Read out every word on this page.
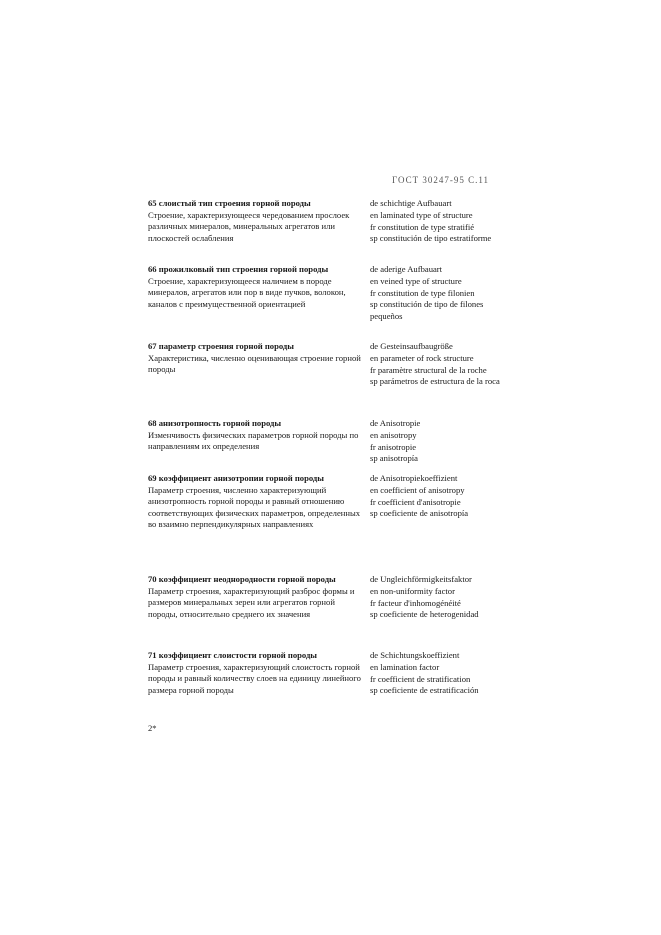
ГОСТ 30247-95 С.11
65 слоистый тип строения горной породы
Строение, характеризующееся чередованием прослоек различных минералов, минеральных агрегатов или плоскостей ослабления
de schichtige Aufbauart
en laminated type of structure
fr constitution de type stratifié
sp constitución de tipo estratiforme
66 прожилковый тип строения горной породы
Строение, характеризующееся наличием в породе минералов, агрегатов или пор в виде пучков, волокон, каналов с преимущественной ориентацией
de aderige Aufbauart
en veined type of structure
fr constitution de type filonien
sp constitución de tipo de filones pequeños
67 параметр строения горной породы
Характеристика, численно оценивающая строение горной породы
de Gesteinsaufbaugröße
en parameter of rock structure
fr paramètre structural de la roche
sp parámetros de estructura de la roca
68 анизотропность горной породы
Изменчивость физических параметров горной породы по направлениям их определения
de Anisotropie
en anisotropy
fr anisotropie
sp anisotropía
69 коэффициент анизотропии горной породы
Параметр строения, численно характеризующий анизотропность горной породы и равный отношению соответствующих физических параметров, определенных во взаимно перпендикулярных направлениях
de Anisotropiekoeffizient
en coefficient of anisotropy
fr coefficient d'anisotropie
sp coeficiente de anisotropía
70 коэффициент неоднородности горной породы
Параметр строения, характеризующий разброс формы и размеров минеральных зерен или агрегатов горной породы, относительно среднего их значения
de Ungleichförmigkeitsfaktor
en non-uniformity factor
fr facteur d'inhomogénéité
sp coeficiente de heterogenidad
71 коэффициент слоистости горной породы
Параметр строения, характеризующий слоистость горной породы и равный количеству слоев на единицу линейного размера горной породы
de Schichtungskoeffizient
en lamination factor
fr coefficient de stratification
sp coeficiente de estratificación
2*
